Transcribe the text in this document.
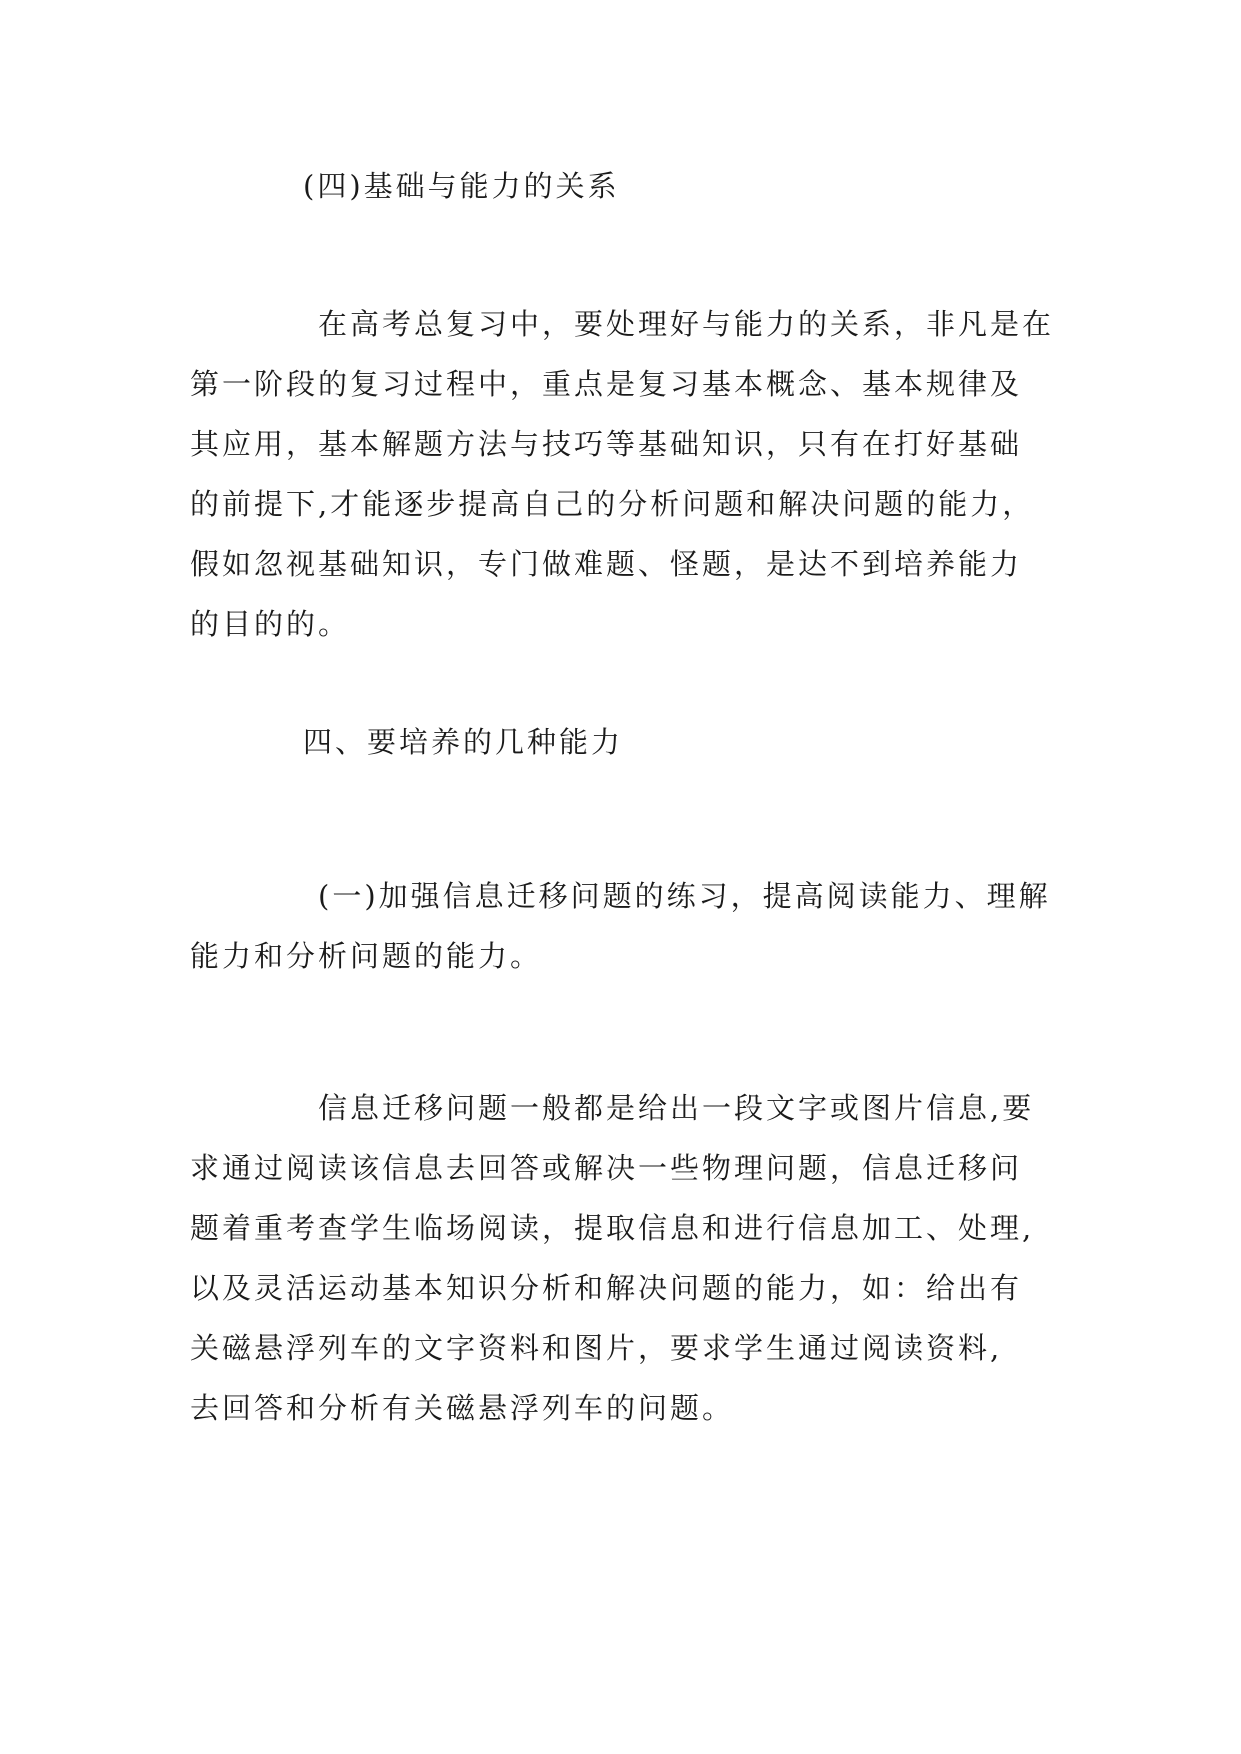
(四)基础与能力的关系

　　　　在高考总复习中，要处理好与能力的关系，非凡是在
第一阶段的复习过程中，重点是复习基本概念、基本规律及
其应用，基本解题方法与技巧等基础知识，只有在打好基础
的前提下,才能逐步提高自己的分析问题和解决问题的能力，
假如忽视基础知识，专门做难题、怪题，是达不到培养能力
的目的的。

四、要培养的几种能力

　　　　(一)加强信息迁移问题的练习，提高阅读能力、理解
能力和分析问题的能力。

　　　　信息迁移问题一般都是给出一段文字或图片信息,要
求通过阅读该信息去回答或解决一些物理问题，信息迁移问
题着重考查学生临场阅读，提取信息和进行信息加工、处理,
以及灵活运动基本知识分析和解决问题的能力，如：给出有
关磁悬浮列车的文字资料和图片，要求学生通过阅读资料,
去回答和分析有关磁悬浮列车的问题。
